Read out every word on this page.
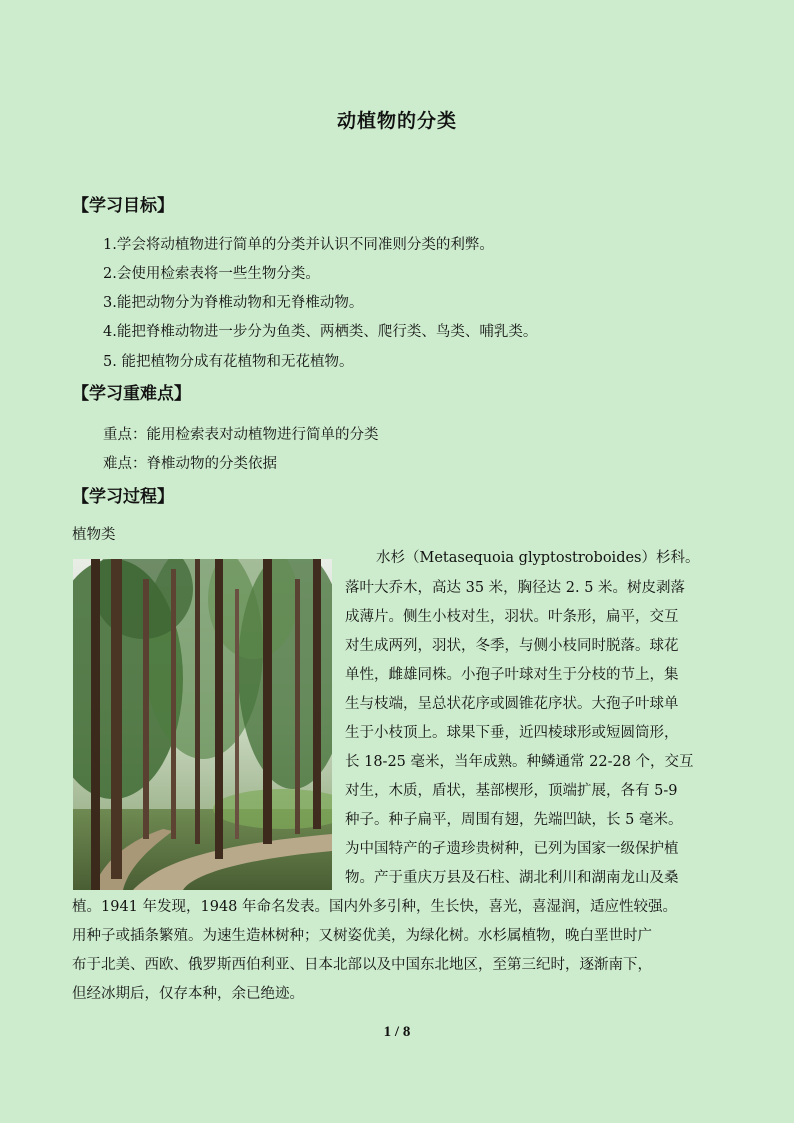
动植物的分类
【学习目标】
1.学会将动植物进行简单的分类并认识不同准则分类的利弊。
2.会使用检索表将一些生物分类。
3.能把动物分为脊椎动物和无脊椎动物。
4.能把脊椎动物进一步分为鱼类、两栖类、爬行类、鸟类、哺乳类。
5. 能把植物分成有花植物和无花植物。
【学习重难点】
重点：能用检索表对动植物进行简单的分类
难点：脊椎动物的分类依据
【学习过程】
植物类
水杉（Metasequoia glyptostroboides）杉科。
落叶大乔木，高达 35 米，胸径达 2. 5 米。树皮剥落
成薄片。侧生小枝对生，羽状。叶条形，扁平，交互
对生成两列，羽状，冬季，与侧小枝同时脱落。球花
单性，雌雄同株。小孢子叶球对生于分枝的节上，集
生与枝端，呈总状花序或圆锥花序状。大孢子叶球单
生于小枝顶上。球果下垂，近四棱球形或短圆筒形，
长 18-25 毫米，当年成熟。种鳞通常 22-28 个，交互
对生，木质，盾状，基部楔形，顶端扩展，各有 5-9
种子。种子扁平，周围有翅，先端凹缺，长 5 毫米。
为中国特产的孑遗珍贵树种，已列为国家一级保护植
物。产于重庆万县及石柱、湖北利川和湖南龙山及桑
植。1941 年发现，1948 年命名发表。国内外多引种，生长快，喜光，喜湿润，适应性较强。
用种子或插条繁殖。为速生造林树种；又树姿优美，为绿化树。水杉属植物，晚白垩世时广
布于北美、西欧、俄罗斯西伯利亚、日本北部以及中国东北地区，至第三纪时，逐渐南下，
但经冰期后，仅存本种，余已绝迹。
1 / 8
